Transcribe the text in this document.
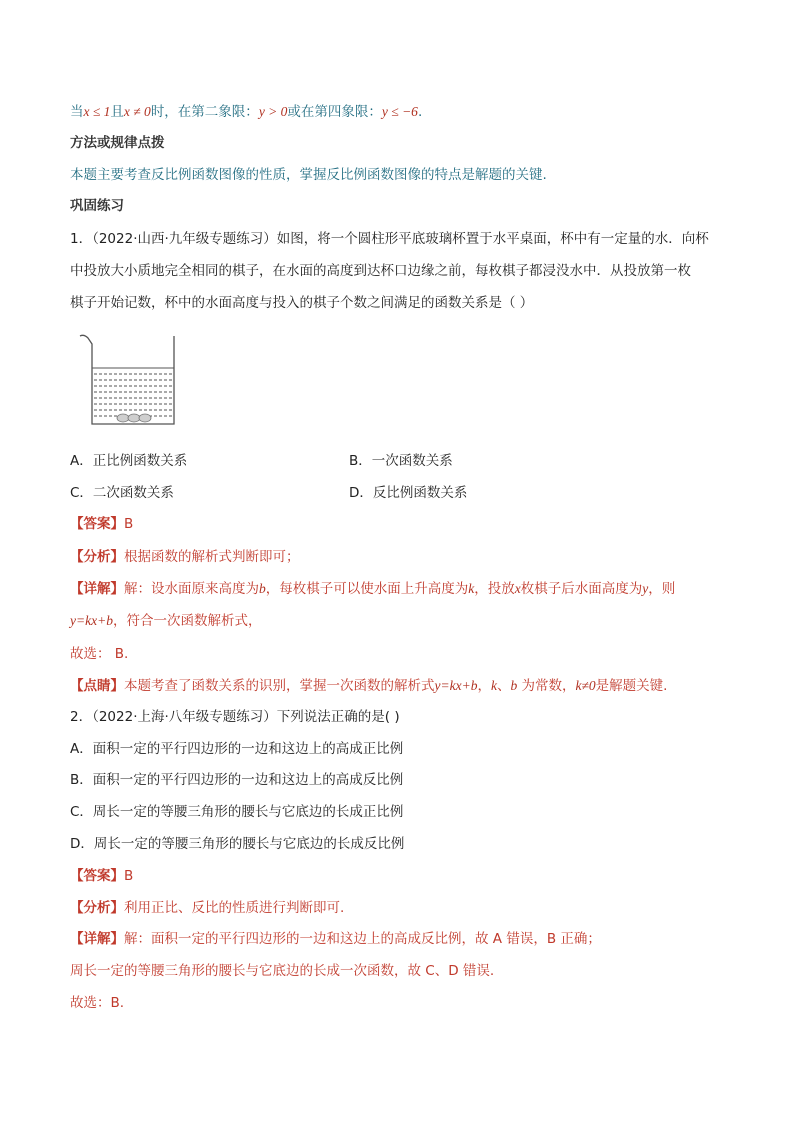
当x ≤ 1且x ≠ 0时，在第二象限：y > 0或在第四象限：y ≤ −6.
方法或规律点拨
本题主要考查反比例函数图像的性质，掌握反比例函数图像的特点是解题的关键.
巩固练习
1．（2022·山西·九年级专题练习）如图，将一个圆柱形平底玻璃杯置于水平桌面，杯中有一定量的水．向杯
中投放大小质地完全相同的棋子，在水面的高度到达杯口边缘之前，每枚棋子都浸没水中．从投放第一枚
棋子开始记数，杯中的水面高度与投入的棋子个数之间满足的函数关系是（ ）
A．正比例函数关系	B．一次函数关系
C．二次函数关系	D．反比例函数关系
【答案】B
【分析】根据函数的解析式判断即可；
【详解】解：设水面原来高度为b，每枚棋子可以使水面上升高度为k，投放x枚棋子后水面高度为y，则
y=kx+b，符合一次函数解析式，
故选： B.
【点睛】本题考查了函数关系的识别，掌握一次函数的解析式y=kx+b，k、b 为常数，k≠0是解题关键.
2．（2022·上海·八年级专题练习）下列说法正确的是( )
A．面积一定的平行四边形的一边和这边上的高成正比例
B．面积一定的平行四边形的一边和这边上的高成反比例
C．周长一定的等腰三角形的腰长与它底边的长成正比例
D．周长一定的等腰三角形的腰长与它底边的长成反比例
【答案】B
【分析】利用正比、反比的性质进行判断即可.
【详解】解：面积一定的平行四边形的一边和这边上的高成反比例，故 A 错误，B 正确；
周长一定的等腰三角形的腰长与它底边的长成一次函数，故 C、D 错误.
故选：B.
